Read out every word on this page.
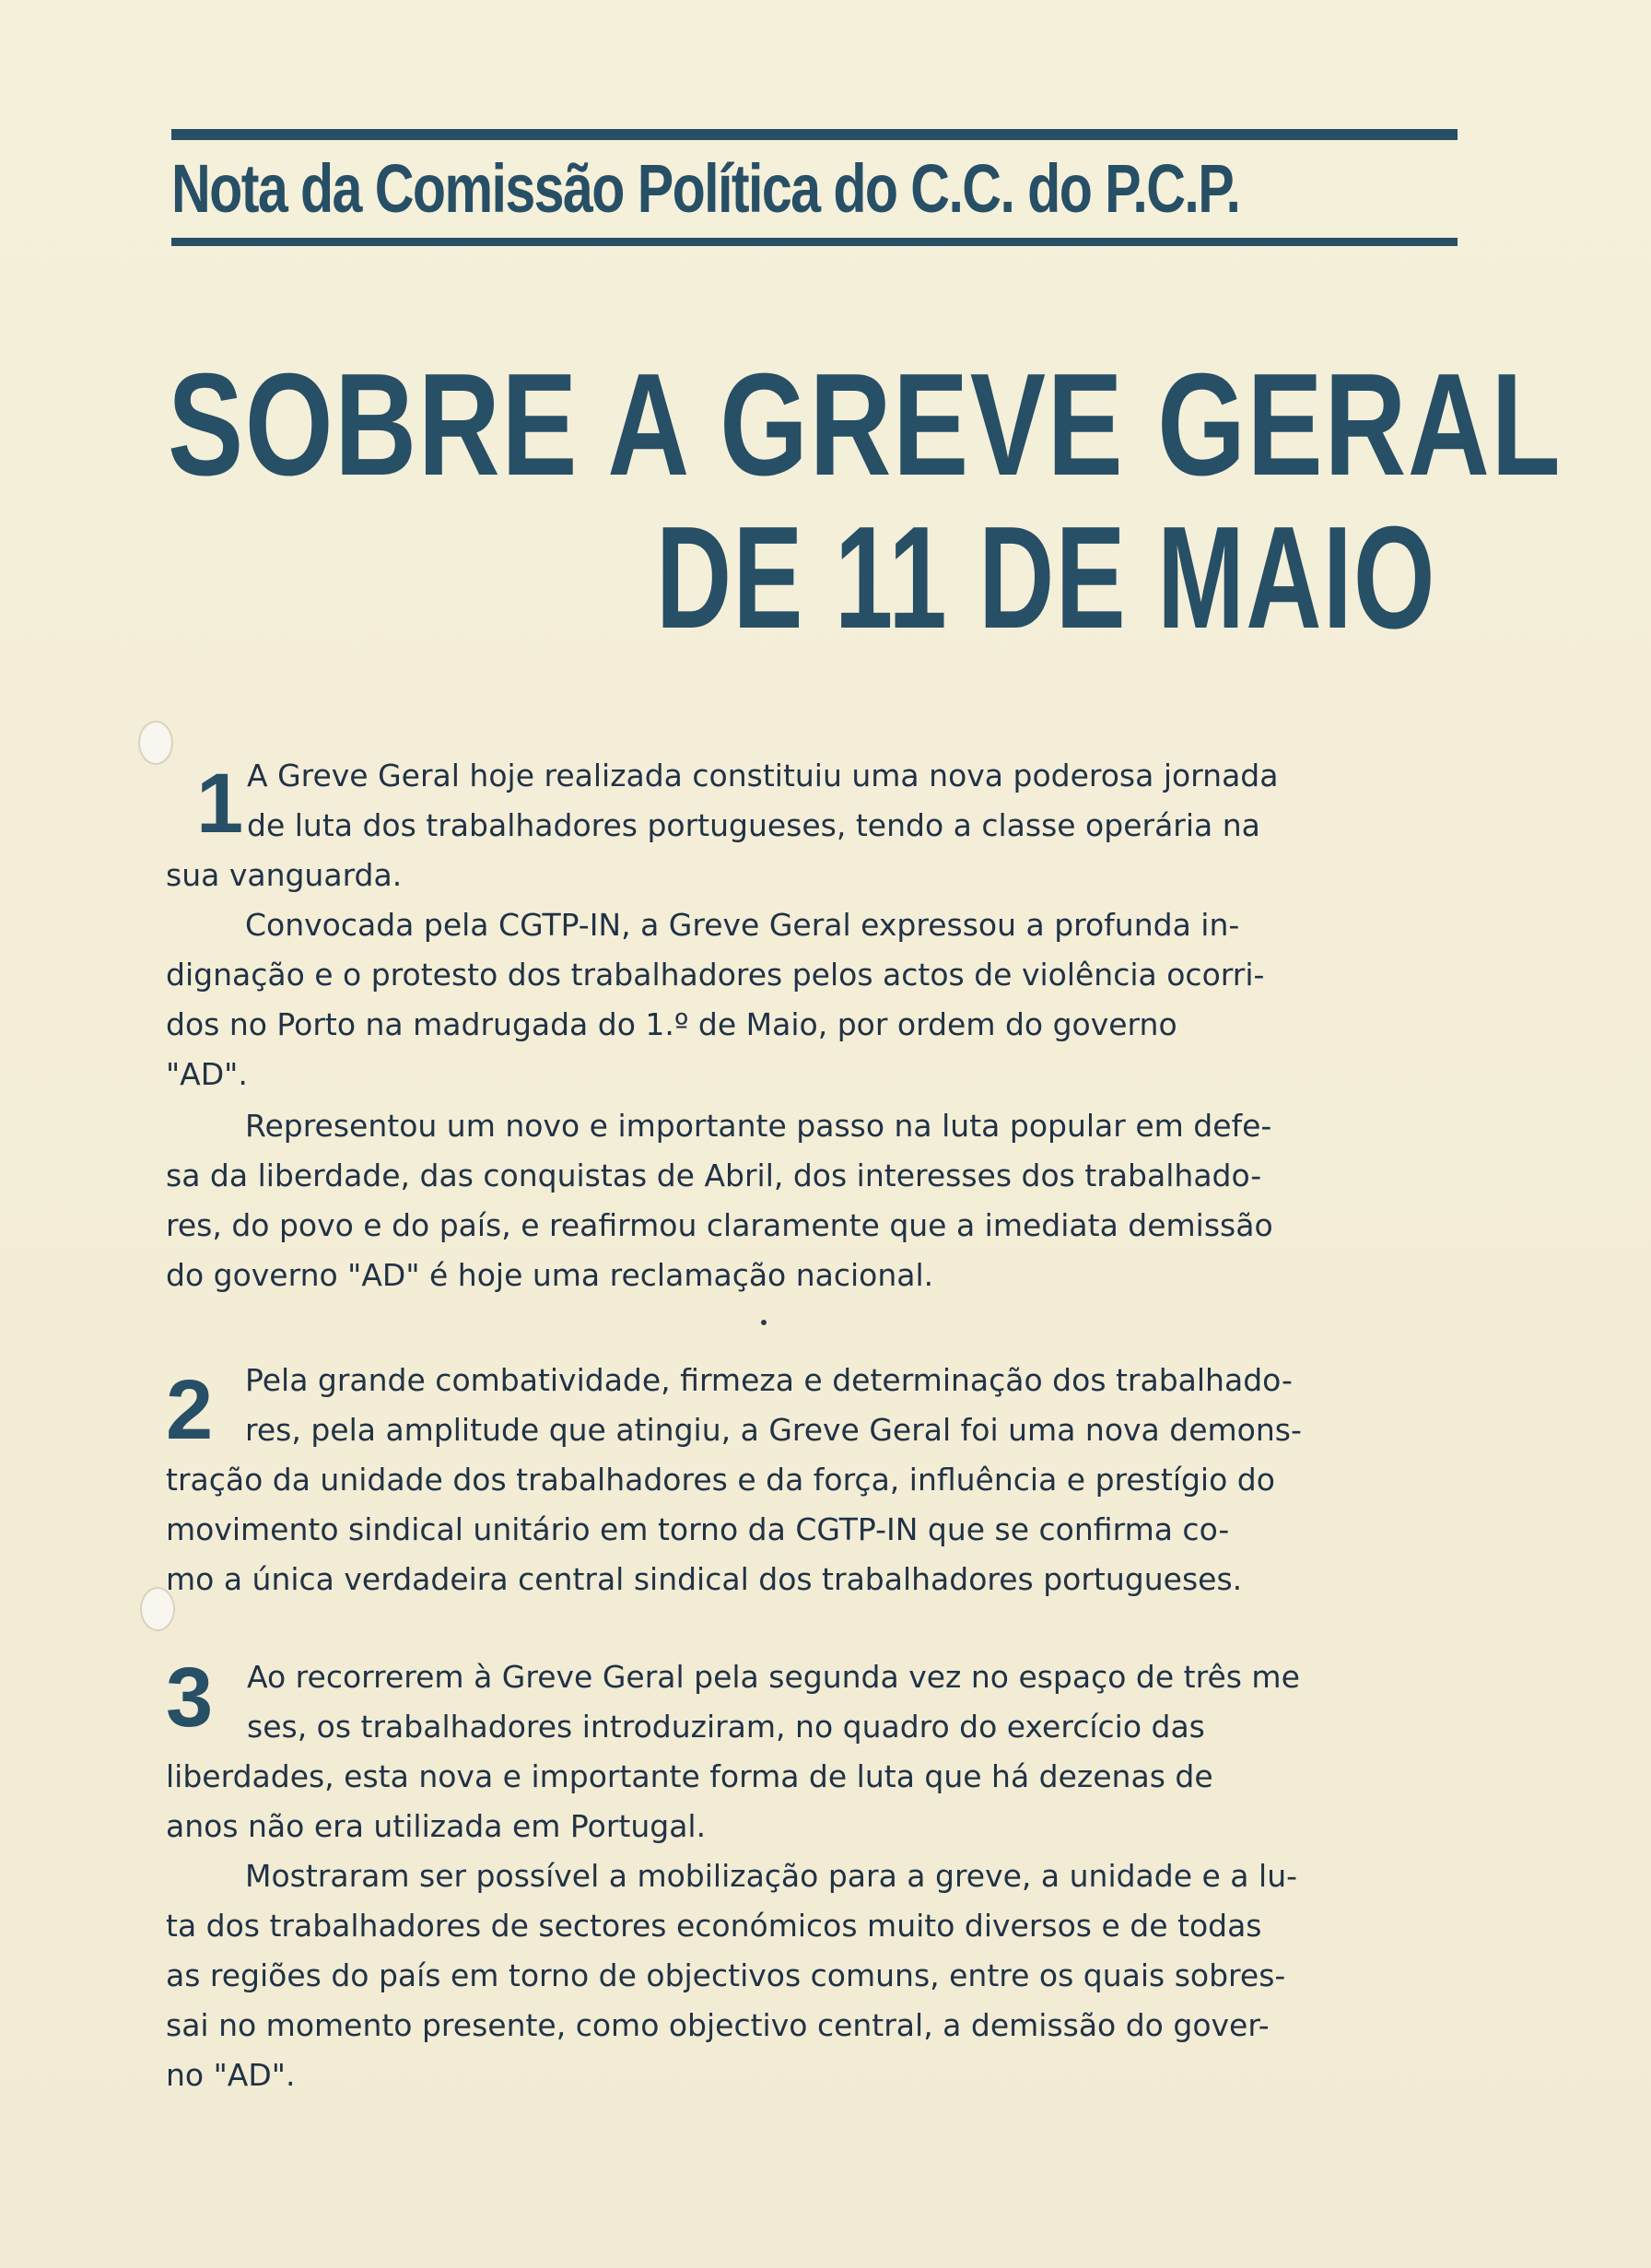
Nota da Comissão Política do C.C. do P.C.P.
SOBRE A GREVE GERAL
DE 11 DE MAIO
1 A Greve Geral hoje realizada constituiu uma nova poderosa jornada
de luta dos trabalhadores portugueses, tendo a classe operária na
sua vanguarda.
Convocada pela CGTP-IN, a Greve Geral expressou a profunda in-
dignação e o protesto dos trabalhadores pelos actos de violência ocorri-
dos no Porto na madrugada do 1.º de Maio, por ordem do governo
"AD".
Representou um novo e importante passo na luta popular em defe-
sa da liberdade, das conquistas de Abril, dos interesses dos trabalhado-
res, do povo e do país, e reafirmou claramente que a imediata demissão
do governo "AD" é hoje uma reclamação nacional.
2 Pela grande combatividade, firmeza e determinação dos trabalhado-
res, pela amplitude que atingiu, a Greve Geral foi uma nova demons-
tração da unidade dos trabalhadores e da força, influência e prestígio do
movimento sindical unitário em torno da CGTP-IN que se confirma co-
mo a única verdadeira central sindical dos trabalhadores portugueses.
3 Ao recorrerem à Greve Geral pela segunda vez no espaço de três me
ses, os trabalhadores introduziram, no quadro do exercício das
liberdades, esta nova e importante forma de luta que há dezenas de
anos não era utilizada em Portugal.
Mostraram ser possível a mobilização para a greve, a unidade e a lu-
ta dos trabalhadores de sectores económicos muito diversos e de todas
as regiões do país em torno de objectivos comuns, entre os quais sobres-
sai no momento presente, como objectivo central, a demissão do gover-
no "AD".
